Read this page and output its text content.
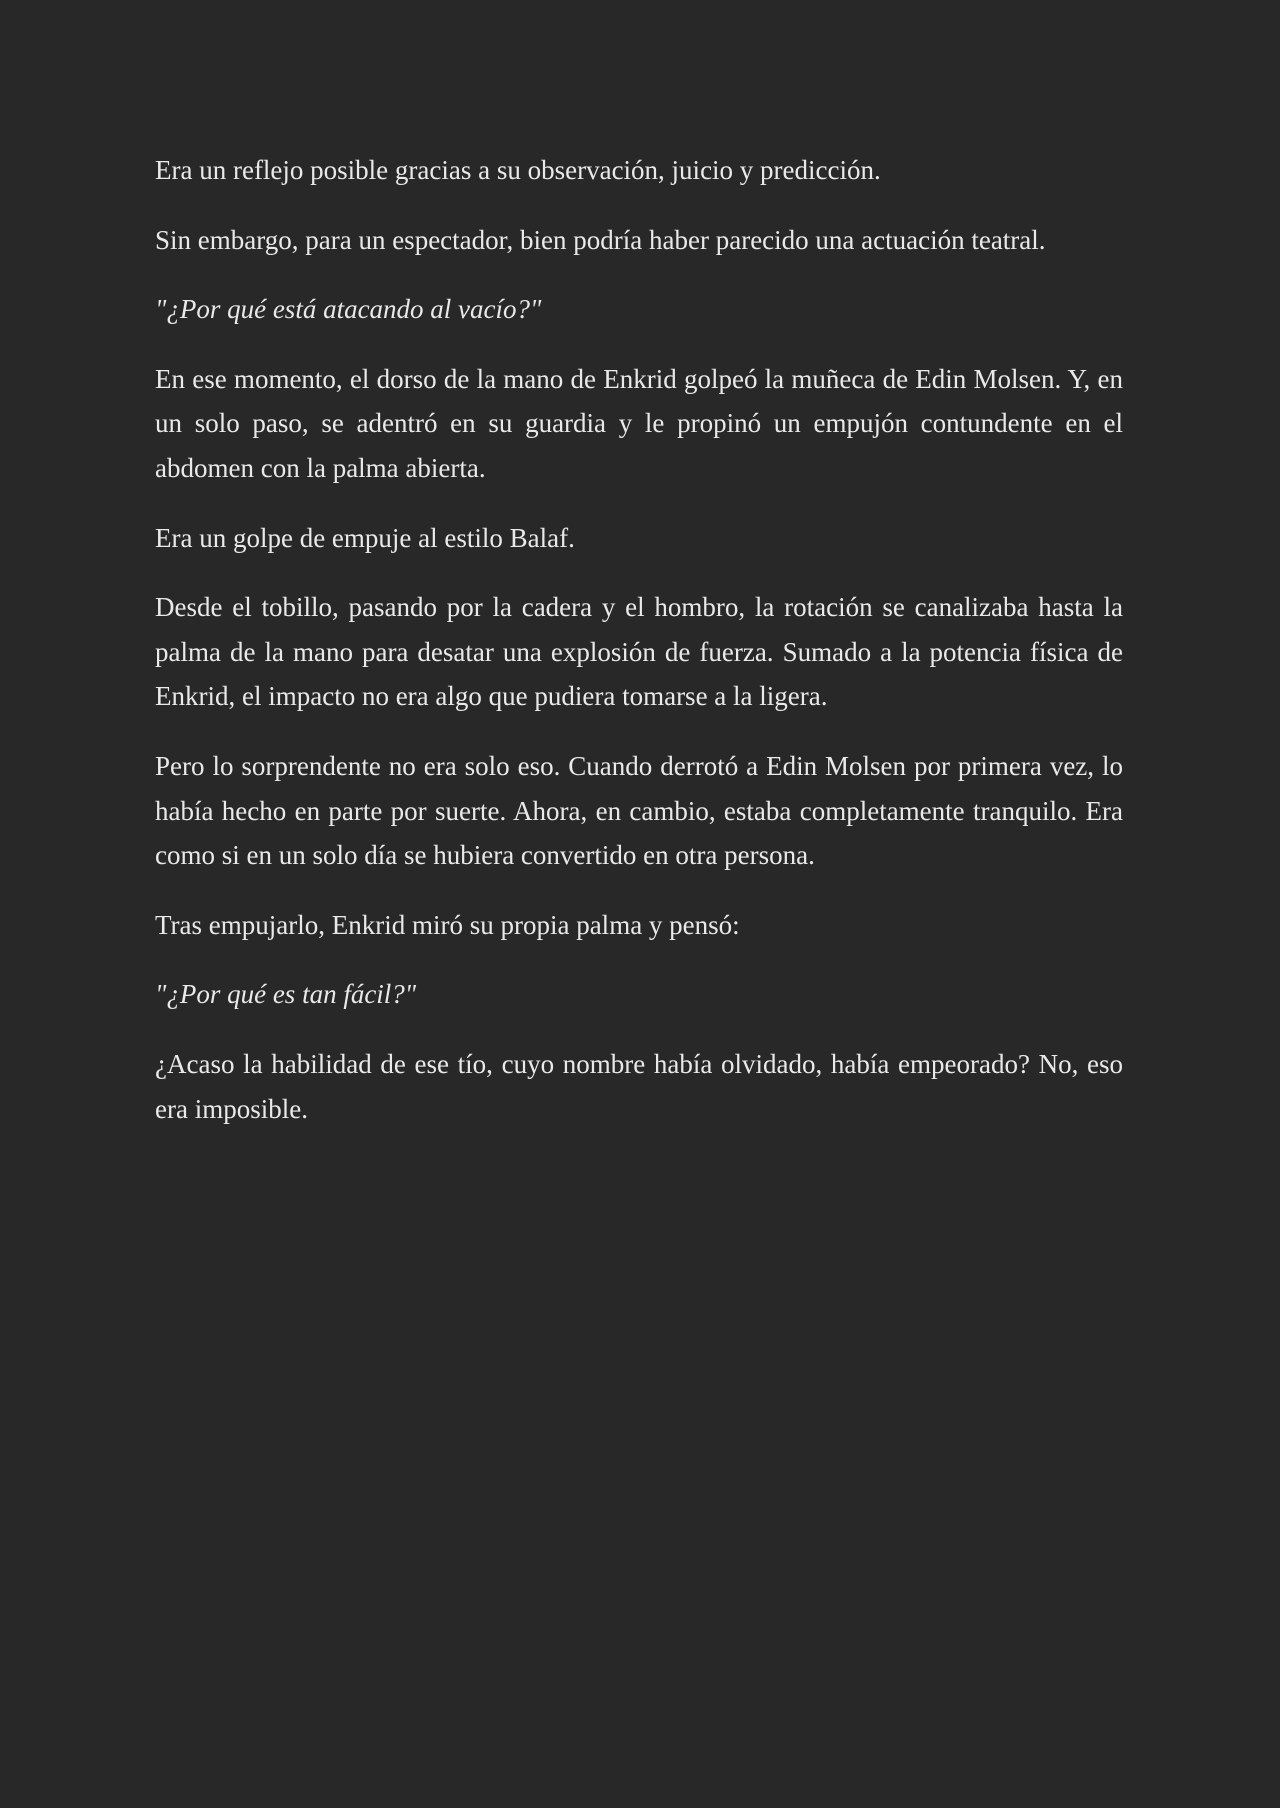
Era un reflejo posible gracias a su observación, juicio y predicción.

Sin embargo, para un espectador, bien podría haber parecido una actuación teatral.

"¿Por qué está atacando al vacío?"

En ese momento, el dorso de la mano de Enkrid golpeó la muñeca de Edin Molsen. Y, en un solo paso, se adentró en su guardia y le propinó un empujón contundente en el abdomen con la palma abierta.

Era un golpe de empuje al estilo Balaf.

Desde el tobillo, pasando por la cadera y el hombro, la rotación se canalizaba hasta la palma de la mano para desatar una explosión de fuerza. Sumado a la potencia física de Enkrid, el impacto no era algo que pudiera tomarse a la ligera.

Pero lo sorprendente no era solo eso. Cuando derrotó a Edin Molsen por primera vez, lo había hecho en parte por suerte. Ahora, en cambio, estaba completamente tranquilo. Era como si en un solo día se hubiera convertido en otra persona.

Tras empujarlo, Enkrid miró su propia palma y pensó:

"¿Por qué es tan fácil?"

¿Acaso la habilidad de ese tío, cuyo nombre había olvidado, había empeorado? No, eso era imposible.
